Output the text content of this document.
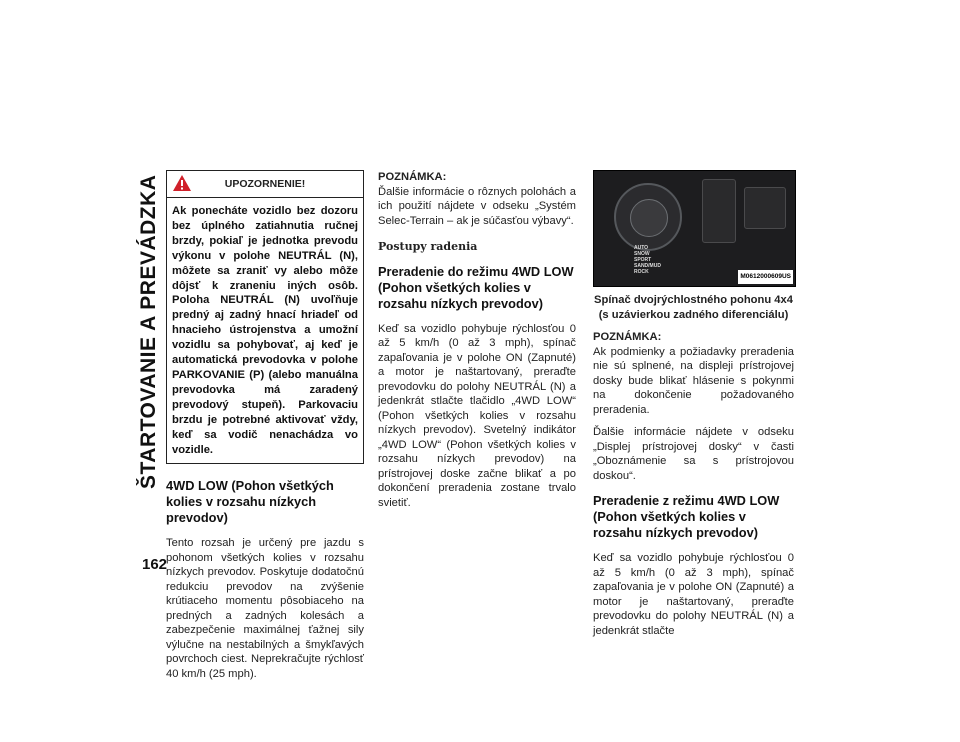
ŠTARTOVANIE A PREVÁDZKA
162
UPOZORNENIE!
Ak ponecháte vozidlo bez dozoru bez úplného zatiahnutia ručnej brzdy, pokiaľ je jednotka prevodu výkonu v polohe NEUTRÁL (N), môžete sa zraniť vy alebo môže dôjsť k zraneniu iných osôb. Poloha NEUTRÁL (N) uvoľňuje predný aj zadný hnací hriadeľ od hnacieho ústrojenstva a umožní vozidlu sa pohybovať, aj keď je automatická prevodovka v polohe PARKOVANIE (P) (alebo manuálna prevodovka má zaradený prevodový stupeň). Parkovaciu brzdu je potrebné aktivovať vždy, keď sa vodič nenachádza vo vozidle.
4WD LOW (Pohon všetkých kolies v rozsahu nízkych prevodov)

Tento rozsah je určený pre jazdu s pohonom všetkých kolies v rozsahu nízkych prevodov. Poskytuje dodatočnú redukciu prevodov na zvýšenie krútiaceho momentu pôsobiaceho na predných a zadných kolesách a zabezpečenie maximálnej ťažnej sily výlučne na nestabilných a šmykľavých povrchoch ciest. Neprekračujte rýchlosť 40 km/h (25 mph).

POZNÁMKA:

Ďalšie informácie o rôznych polohách a ich použití nájdete v odseku „Systém Selec-Terrain – ak je súčasťou výbavy“.

Postupy radenia
Preradenie do režimu 4WD LOW (Pohon všetkých kolies v rozsahu nízkych prevodov)

Keď sa vozidlo pohybuje rýchlosťou 0 až 5 km/h (0 až 3 mph), spínač zapaľovania je v polohe ON (Zapnuté) a motor je naštartovaný, preraďte prevodovku do polohy NEUTRÁL (N) a jedenkrát stlačte tlačidlo „4WD LOW“ (Pohon všetkých kolies v rozsahu nízkych prevodov). Svetelný indikátor „4WD LOW“ (Pohon všetkých kolies v rozsahu nízkych prevodov) na prístrojovej doske začne blikať a po dokončení preradenia zostane trvalo svietiť.

AUTO
SNOW
SPORT
SAND/MUD
ROCK
M0612000609US
Spínač dvojrýchlostného pohonu 4x4
(s uzávierkou zadného diferenciálu)
POZNÁMKA:

Ak podmienky a požiadavky preradenia nie sú splnené, na displeji prístrojovej dosky bude blikať hlásenie s pokynmi na dokončenie požadovaného preradenia.

Ďalšie informácie nájdete v odseku „Displej prístrojovej dosky“ v časti „Oboznámenie sa s prístrojovou doskou“.

Preradenie z režimu 4WD LOW (Pohon všetkých kolies v rozsahu nízkych prevodov)

Keď sa vozidlo pohybuje rýchlosťou 0 až 5 km/h (0 až 3 mph), spínač zapaľovania je v polohe ON (Zapnuté) a motor je naštartovaný, preraďte prevodovku do polohy NEUTRÁL (N) a jedenkrát stlačte
